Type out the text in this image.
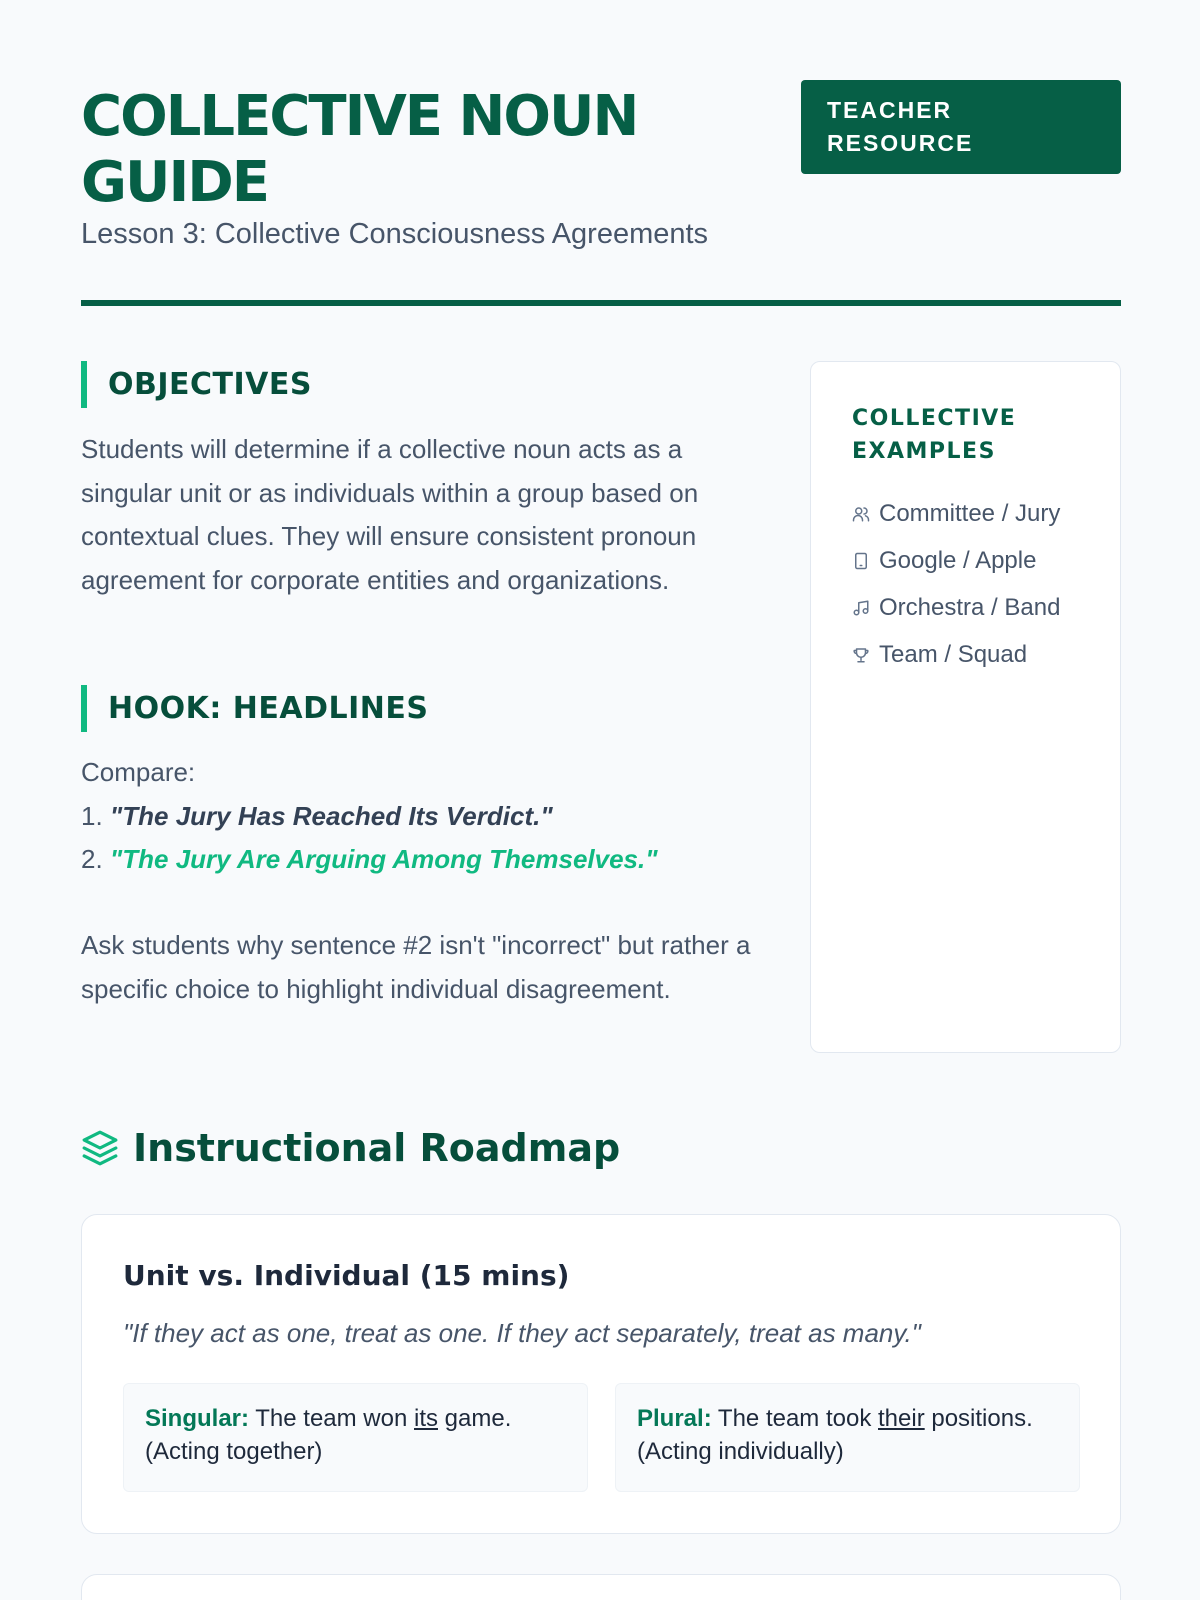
COLLECTIVE NOUN GUIDE
Lesson 3: Collective Consciousness Agreements
TEACHER RESOURCE
OBJECTIVES

Students will determine if a collective noun acts as a singular unit or as individuals within a group based on contextual clues. They will ensure consistent pronoun agreement for corporate entities and organizations.

HOOK: HEADLINES
Compare:
1. "The Jury Has Reached Its Verdict."
2. "The Jury Are Arguing Among Themselves."

Ask students why sentence #2 isn't "incorrect" but rather a specific choice to highlight individual disagreement.

COLLECTIVE EXAMPLES
Committee / Jury
Google / Apple
Orchestra / Band
Team / Squad
Instructional Roadmap
Unit vs. Individual (15 mins)
"If they act as one, treat as one. If they act separately, treat as many."
Singular: The team won its game.
(Acting together)
Plural: The team took their positions.
(Acting individually)
